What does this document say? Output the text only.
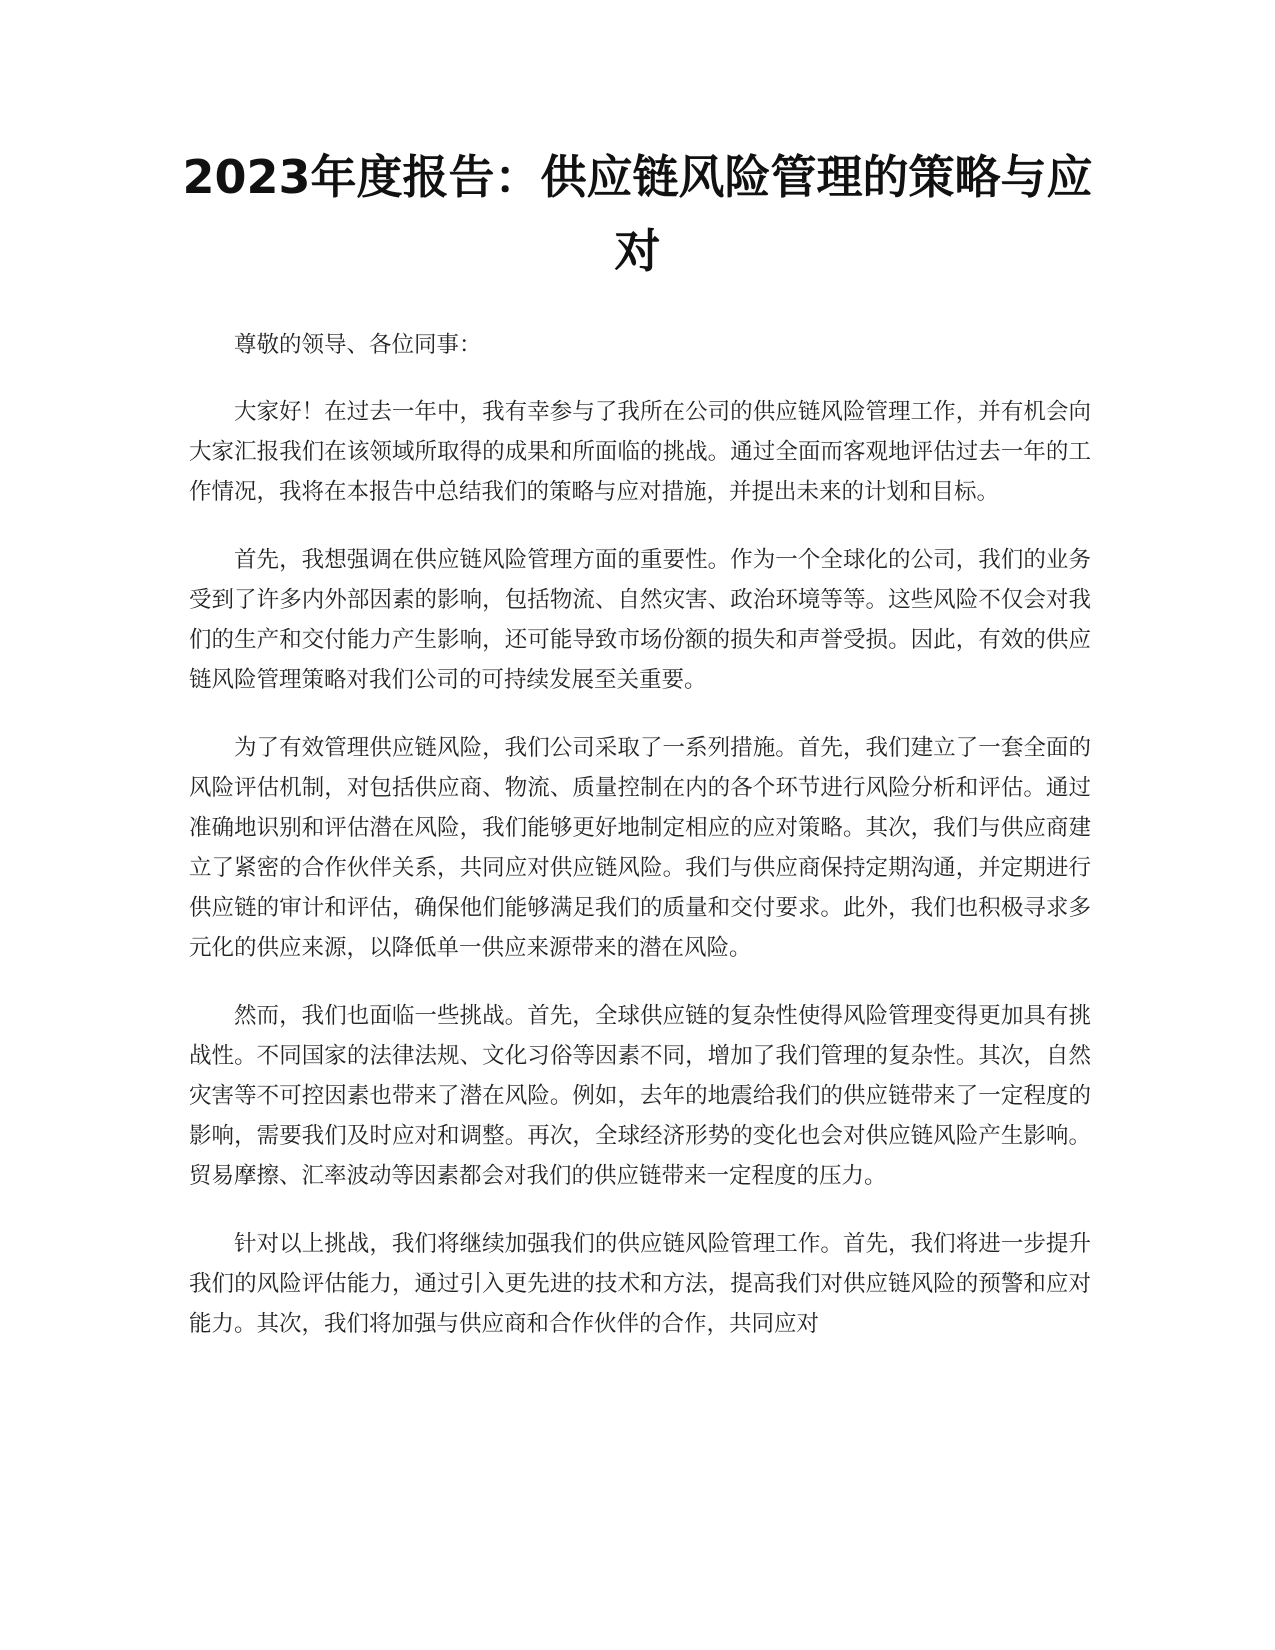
2023年度报告：供应链风险管理的策略与应对

尊敬的领导、各位同事：

大家好！在过去一年中，我有幸参与了我所在公司的供应链风险管理工作，并有机会向大家汇报我们在该领域所取得的成果和所面临的挑战。通过全面而客观地评估过去一年的工作情况，我将在本报告中总结我们的策略与应对措施，并提出未来的计划和目标。

首先，我想强调在供应链风险管理方面的重要性。作为一个全球化的公司，我们的业务受到了许多内外部因素的影响，包括物流、自然灾害、政治环境等等。这些风险不仅会对我们的生产和交付能力产生影响，还可能导致市场份额的损失和声誉受损。因此，有效的供应链风险管理策略对我们公司的可持续发展至关重要。

为了有效管理供应链风险，我们公司采取了一系列措施。首先，我们建立了一套全面的风险评估机制，对包括供应商、物流、质量控制在内的各个环节进行风险分析和评估。通过准确地识别和评估潜在风险，我们能够更好地制定相应的应对策略。其次，我们与供应商建立了紧密的合作伙伴关系，共同应对供应链风险。我们与供应商保持定期沟通，并定期进行供应链的审计和评估，确保他们能够满足我们的质量和交付要求。此外，我们也积极寻求多元化的供应来源，以降低单一供应来源带来的潜在风险。

然而，我们也面临一些挑战。首先，全球供应链的复杂性使得风险管理变得更加具有挑战性。不同国家的法律法规、文化习俗等因素不同，增加了我们管理的复杂性。其次，自然灾害等不可控因素也带来了潜在风险。例如，去年的地震给我们的供应链带来了一定程度的影响，需要我们及时应对和调整。再次，全球经济形势的变化也会对供应链风险产生影响。贸易摩擦、汇率波动等因素都会对我们的供应链带来一定程度的压力。

针对以上挑战，我们将继续加强我们的供应链风险管理工作。首先，我们将进一步提升我们的风险评估能力，通过引入更先进的技术和方法，提高我们对供应链风险的预警和应对能力。其次，我们将加强与供应商和合作伙伴的合作，共同应对
